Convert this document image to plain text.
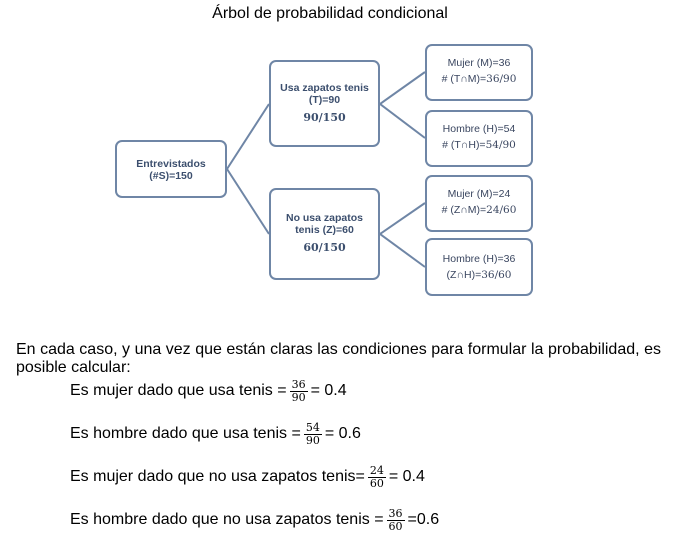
Árbol de probabilidad condicional
Entrevistados
(#S)=150
Usa zapatos tenis
(T)=90
90/150
No usa zapatos
tenis (Z)=60
60/150
Mujer (M)=36
# (T∩M)=36/90
Hombre (H)=54
# (T∩H)=54/90
Mujer (M)=24
# (Z∩M)=24/60
Hombre (H)=36
(Z∩H)=36/60
En cada caso, y una vez que están claras las condiciones para formular la probabilidad, es posible calcular:
Es mujer dado que usa tenis = $\frac{36}{90} = 0.4$
Es hombre dado que usa tenis = $\frac{54}{90} = 0.6$
Es mujer dado que no usa zapatos tenis= $\frac{24}{60} = 0.4$
Es hombre dado que no usa zapatos tenis = $\frac{36}{60} =0.6$
